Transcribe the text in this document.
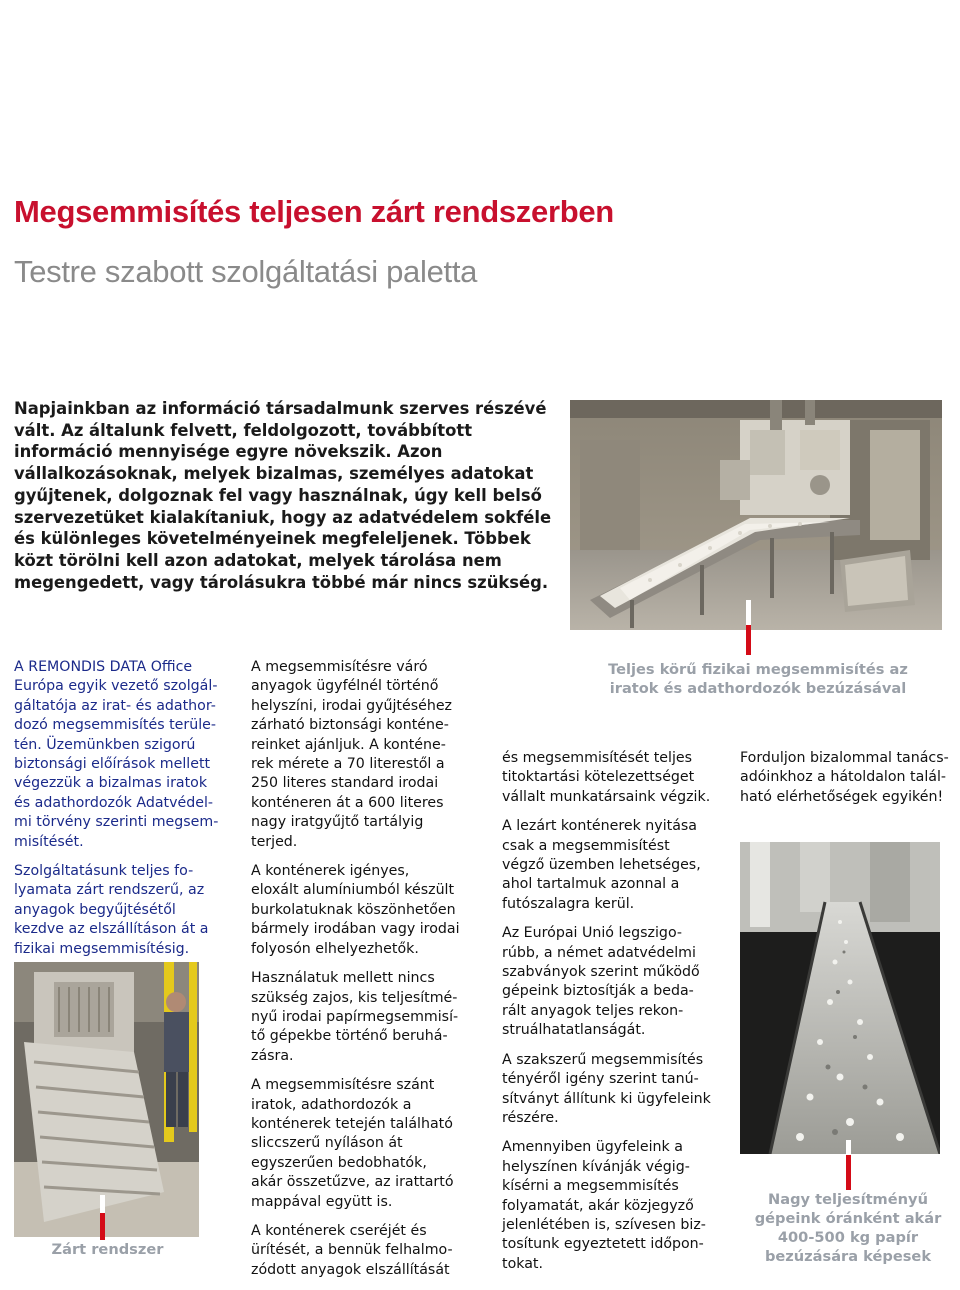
Megsemmisítés teljesen zárt rendszerben
Testre szabott szolgáltatási paletta
Napjainkban az információ társadalmunk szerves részévé
vált. Az általunk felvett, feldolgozott, továbbított
információ mennyisége egyre növekszik. Azon
vállalkozásoknak, melyek bizalmas, személyes adatokat
gyűjtenek, dolgoznak fel vagy használnak, úgy kell belső
szervezetüket kialakítaniuk, hogy az adatvédelem sokféle
és különleges követelményeinek megfeleljenek. Többek
közt törölni kell azon adatokat, melyek tárolása nem
megengedett, vagy tárolásukra többé már nincs szükség.
Teljes körű fizikai megsemmisítés az
iratok és adathordozók bezúzásával

A REMONDIS DATA Office
Európa egyik vezető szolgál-
gáltatója az irat- és adathor-
dozó megsemmisítés terüle-
tén. Üzemünkben szigorú
biztonsági előírások mellett
végezzük a bizalmas iratok
és adathordozók Adatvédel-
mi törvény szerinti megsem-
misítését.

Szolgáltatásunk teljes fo-
lyamata zárt rendszerű, az
anyagok begyűjtésétől
kezdve az elszállításon át a
fizikai megsemmisítésig.

Zárt rendszer

A megsemmisítésre váró
anyagok ügyfélnél történő
helyszíni, irodai gyűjtéséhez
zárható biztonsági konténe-
reinket ajánljuk. A konténe-
rek mérete a 70 literestől a
250 literes standard irodai
konténeren át a 600 literes
nagy iratgyűjtő tartályig
terjed.

A konténerek igényes,
eloxált alumíniumból készült
burkolatuknak köszönhetően
bármely irodában vagy irodai
folyosón elhelyezhetők.

Használatuk mellett nincs
szükség zajos, kis teljesítmé-
nyű irodai papírmegsemmisí-
tő gépekbe történő beruhá-
zásra.

A megsemmisítésre szánt
iratok, adathordozók a
konténerek tetején található
sliccszerű nyíláson át
egyszerűen bedobhatók,
akár összetűzve, az irattartó
mappával együtt is.

A konténerek cseréjét és
ürítését, a bennük felhalmo-
zódott anyagok elszállítását

és megsemmisítését teljes
titoktartási kötelezettséget
vállalt munkatársaink végzik.

A lezárt konténerek nyitása
csak a megsemmisítést
végző üzemben lehetséges,
ahol tartalmuk azonnal a
futószalagra kerül.

Az Európai Unió legszigo-
rúbb, a német adatvédelmi
szabványok szerint működő
gépeink biztosítják a beda-
rált anyagok teljes rekon-
struálhatatlanságát.

A szakszerű megsemmisítés
tényéről igény szerint tanú-
sítványt állítunk ki ügyfeleink
részére.

Amennyiben ügyfeleink a
helyszínen kívánják végig-
kísérni a megsemmisítés
folyamatát, akár közjegyző
jelenlétében is, szívesen biz-
tosítunk egyeztetett időpon-
tokat.

Forduljon bizalommal tanács-
adóinkhoz a hátoldalon talál-
ható elérhetőségek egyikén!

Nagy teljesítményű
gépeink óránként akár
400-500 kg papír
bezúzására képesek
